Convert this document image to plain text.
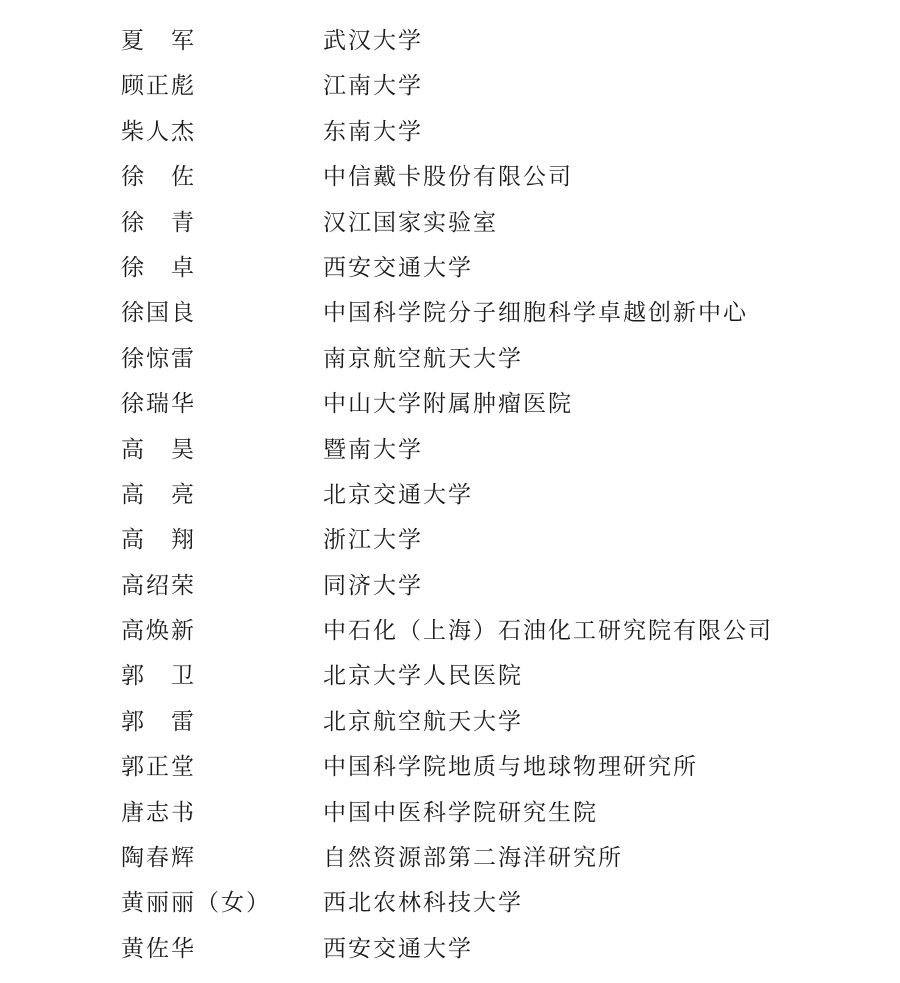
夏　军	武汉大学
顾正彪	江南大学
柴人杰	东南大学
徐　佐	中信戴卡股份有限公司
徐　青	汉江国家实验室
徐　卓	西安交通大学
徐国良	中国科学院分子细胞科学卓越创新中心
徐惊雷	南京航空航天大学
徐瑞华	中山大学附属肿瘤医院
高　昊	暨南大学
高　亮	北京交通大学
高　翔	浙江大学
高绍荣	同济大学
高焕新	中石化（上海）石油化工研究院有限公司
郭　卫	北京大学人民医院
郭　雷	北京航空航天大学
郭正堂	中国科学院地质与地球物理研究所
唐志书	中国中医科学院研究生院
陶春辉	自然资源部第二海洋研究所
黄丽丽（女） 西北农林科技大学
黄佐华	西安交通大学
